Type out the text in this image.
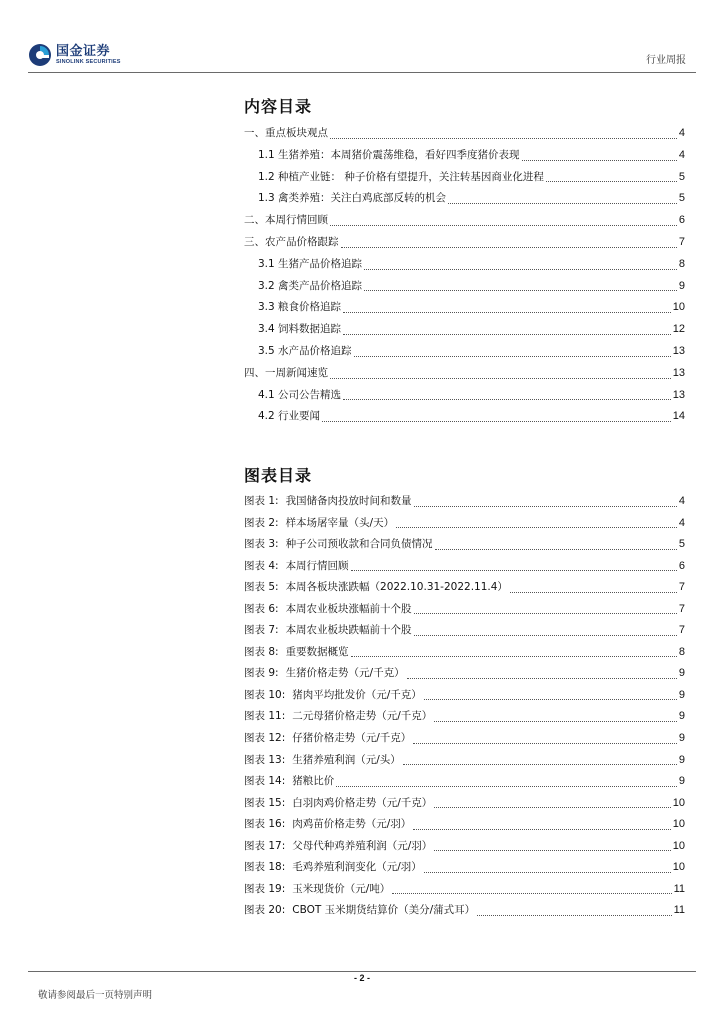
国金证券
SINOLINK SECURITIES	行业周报
内容目录
一、重点板块观点	4
1.1 生猪养殖：本周猪价震荡维稳，看好四季度猪价表现	4
1.2 种植产业链： 种子价格有望提升，关注转基因商业化进程	5
1.3 禽类养殖：关注白鸡底部反转的机会	5
二、本周行情回顾	6
三、农产品价格跟踪	7
3.1 生猪产品价格追踪	8
3.2 禽类产品价格追踪	9
3.3 粮食价格追踪	10
3.4 饲料数据追踪	12
3.5 水产品价格追踪	13
四、一周新闻速览	13
4.1 公司公告精选	13
4.2 行业要闻	14
图表目录
图表 1: 我国储备肉投放时间和数量	4
图表 2: 样本场屠宰量（头/天）	4
图表 3: 种子公司预收款和合同负债情况	5
图表 4: 本周行情回顾	6
图表 5: 本周各板块涨跌幅（2022.10.31-2022.11.4）	7
图表 6: 本周农业板块涨幅前十个股	7
图表 7: 本周农业板块跌幅前十个股	7
图表 8: 重要数据概览	8
图表 9: 生猪价格走势（元/千克）	9
图表 10: 猪肉平均批发价（元/千克）	9
图表 11: 二元母猪价格走势（元/千克）	9
图表 12: 仔猪价格走势（元/千克）	9
图表 13: 生猪养殖利润（元/头）	9
图表 14: 猪粮比价	9
图表 15: 白羽肉鸡价格走势（元/千克）	10
图表 16: 肉鸡苗价格走势（元/羽）	10
图表 17: 父母代种鸡养殖利润（元/羽）	10
图表 18: 毛鸡养殖利润变化（元/羽）	10
图表 19: 玉米现货价（元/吨）	11
图表 20: CBOT 玉米期货结算价（美分/蒲式耳）	11
- 2 -
敬请参阅最后一页特别声明
